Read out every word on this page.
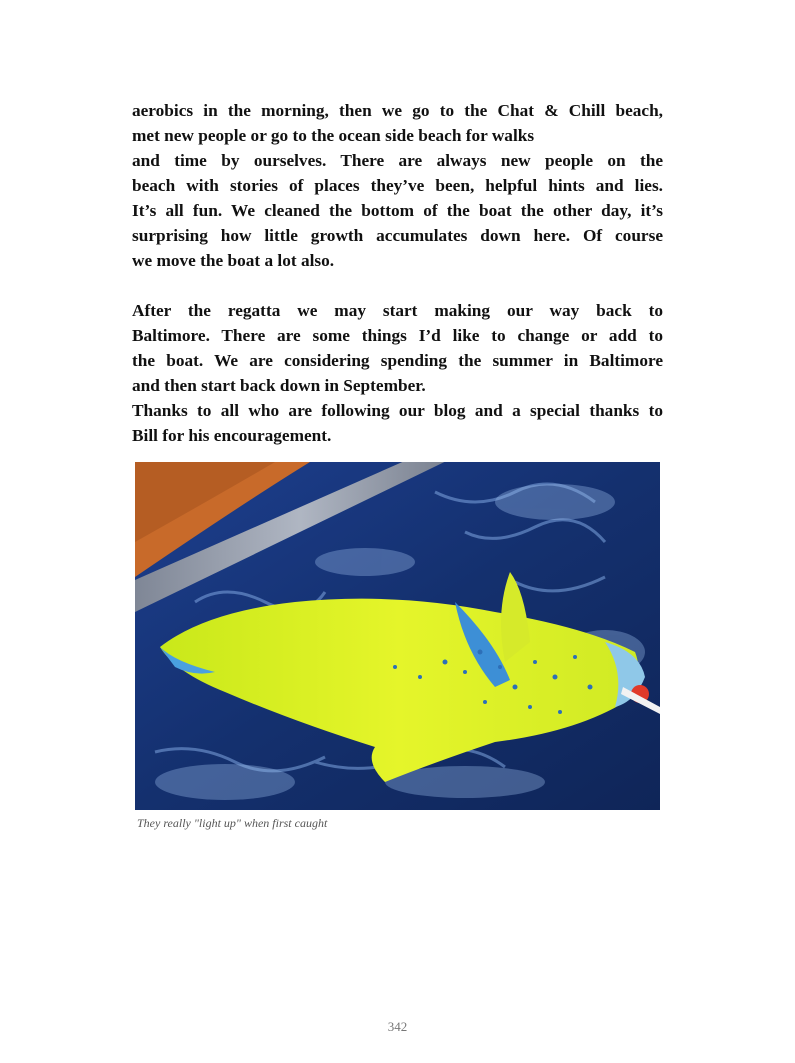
aerobics in the morning, then we go to the Chat & Chill beach,
met new people or go to the ocean side beach for walks
and time by ourselves. There are always new people on the
beach with stories of places they’ve been, helpful hints and lies.
It’s all fun. We cleaned the bottom of the boat the other day, it’s
surprising how little growth accumulates down here. Of course
we move the boat a lot also.
After the regatta we may start making our way back to
Baltimore. There are some things I’d like to change or add to
the boat. We are considering spending the summer in Baltimore
and then start back down in September.
Thanks to all who are following our blog and a special thanks to
Bill for his encouragement.
They really "light up" when first caught
342
